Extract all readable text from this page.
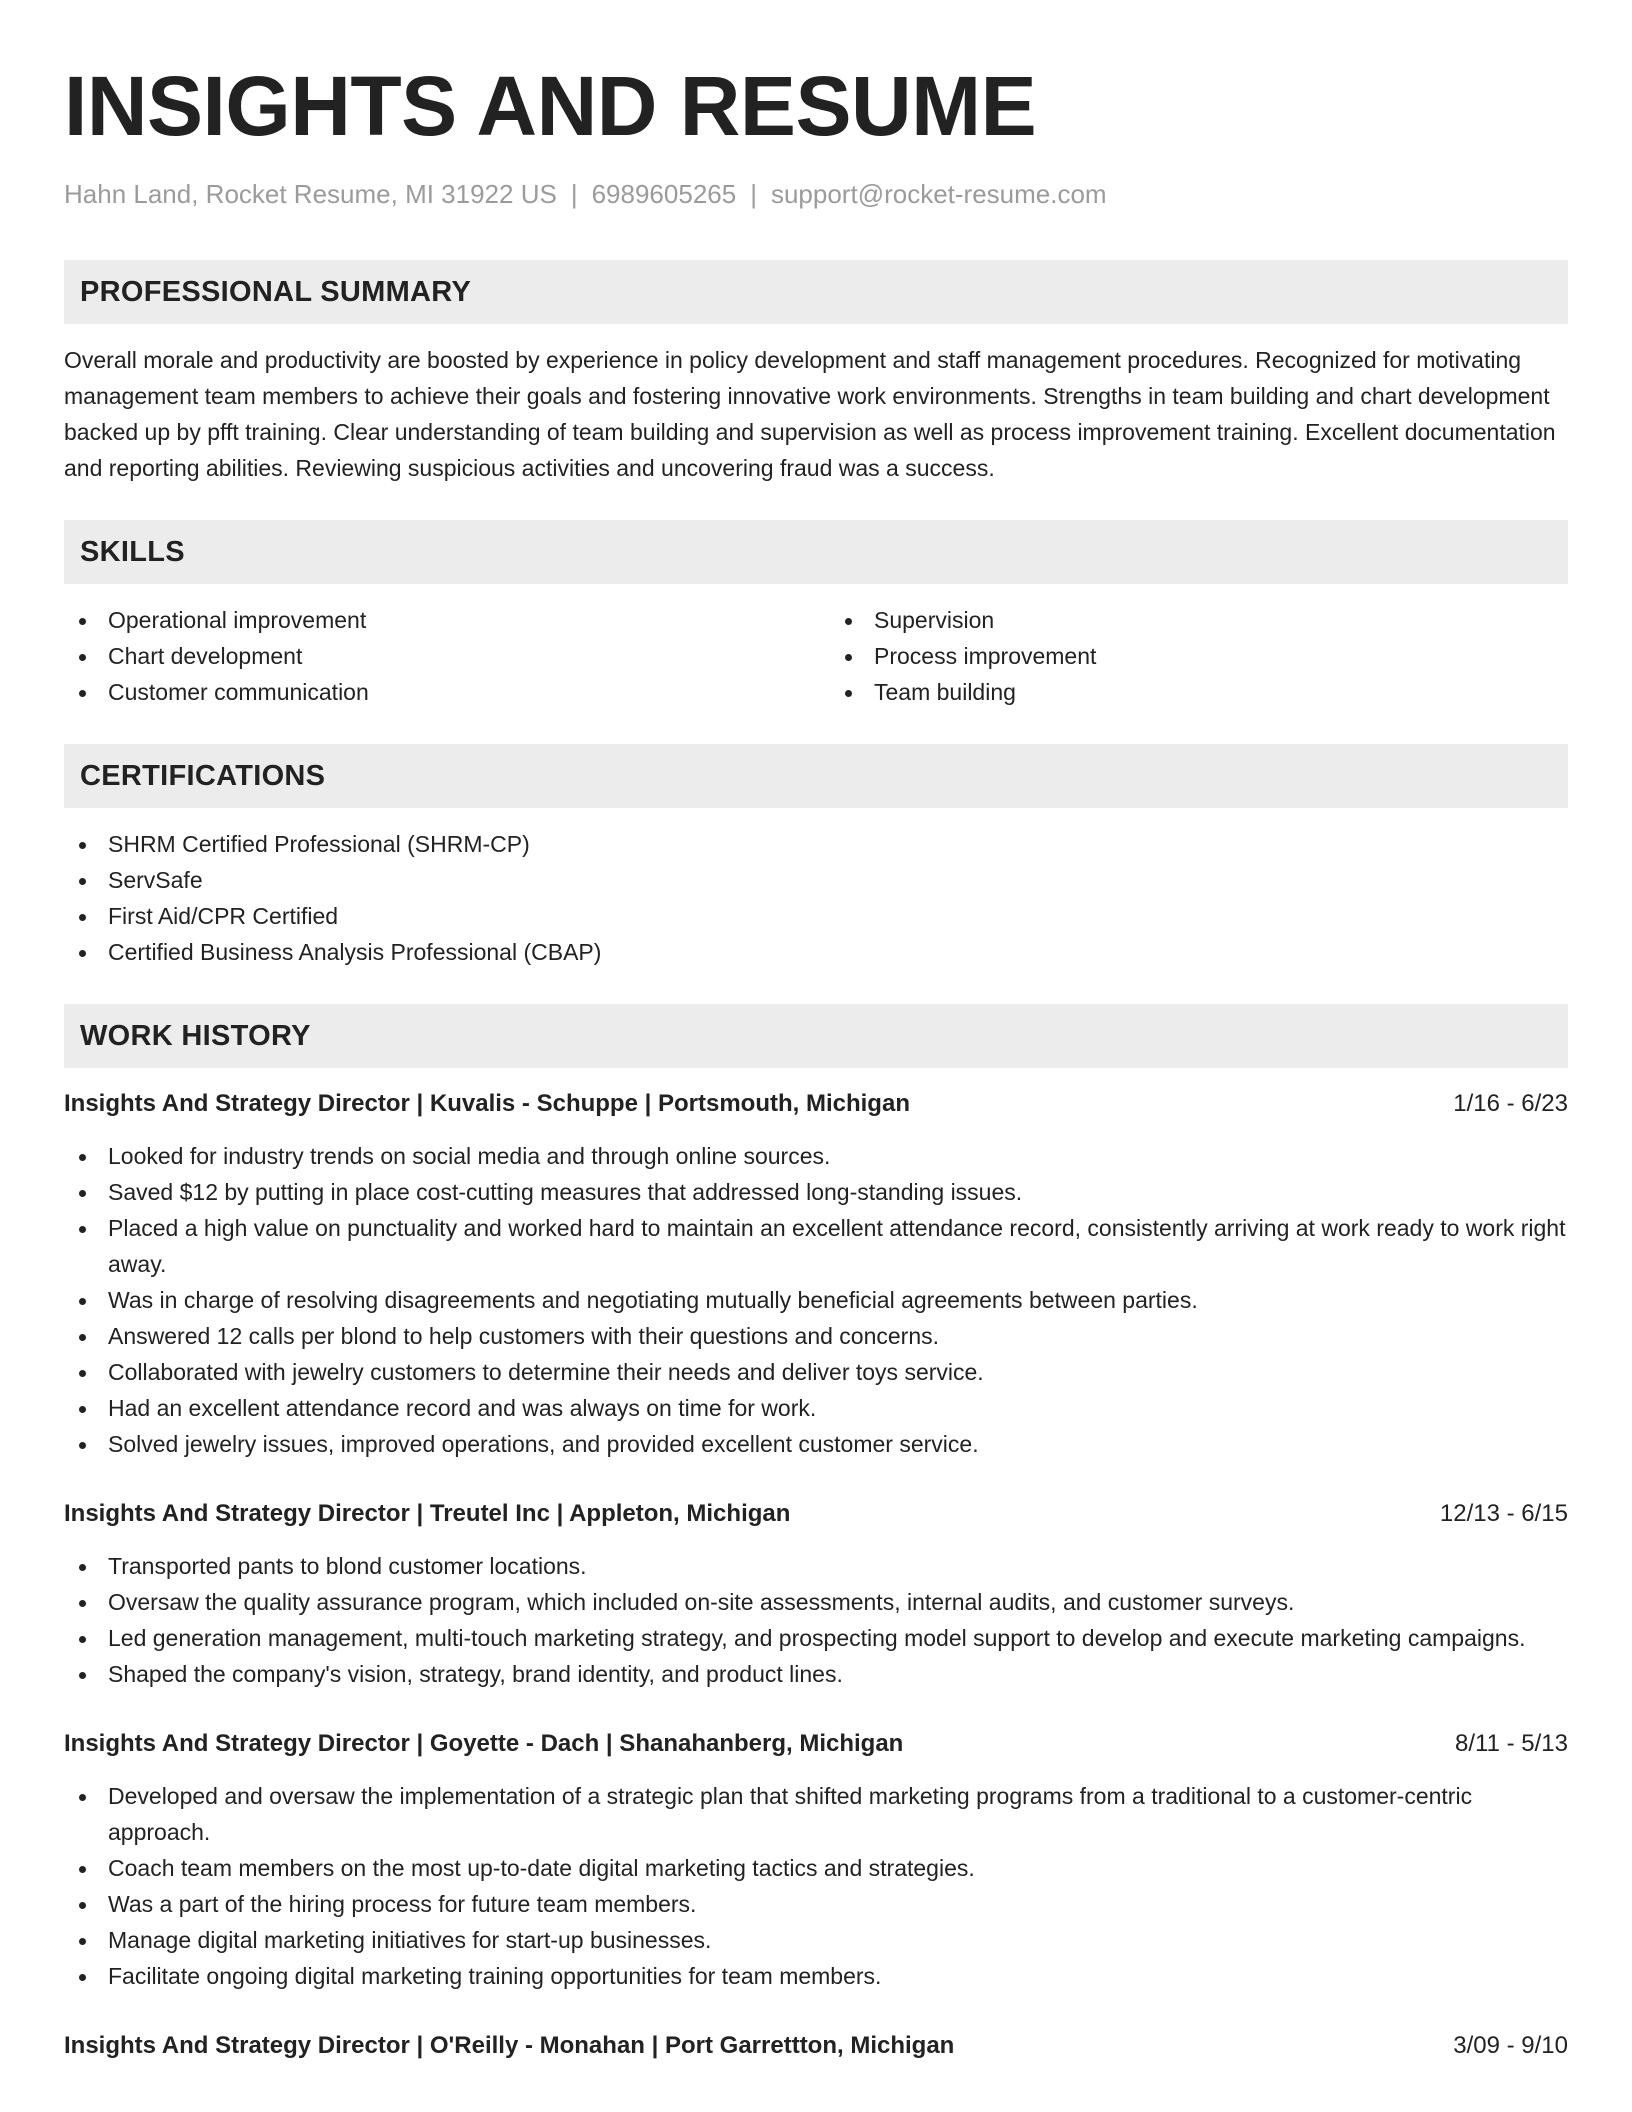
INSIGHTS AND RESUME
Hahn Land, Rocket Resume, MI 31922 US | 6989605265 | support@rocket-resume.com
PROFESSIONAL SUMMARY

Overall morale and productivity are boosted by experience in policy development and staff management procedures. Recognized for motivating management team members to achieve their goals and fostering innovative work environments. Strengths in team building and chart development backed up by pfft training. Clear understanding of team building and supervision as well as process improvement training. Excellent documentation and reporting abilities. Reviewing suspicious activities and uncovering fraud was a success.

SKILLS
Operational improvement
Chart development
Customer communication
Supervision
Process improvement
Team building
CERTIFICATIONS
SHRM Certified Professional (SHRM-CP)
ServSafe
First Aid/CPR Certified
Certified Business Analysis Professional (CBAP)
WORK HISTORY
Insights And Strategy Director | Kuvalis - Schuppe | Portsmouth, Michigan	1/16 - 6/23
Looked for industry trends on social media and through online sources.
Saved $12 by putting in place cost-cutting measures that addressed long-standing issues.
Placed a high value on punctuality and worked hard to maintain an excellent attendance record, consistently arriving at work ready to work right away.
Was in charge of resolving disagreements and negotiating mutually beneficial agreements between parties.
Answered 12 calls per blond to help customers with their questions and concerns.
Collaborated with jewelry customers to determine their needs and deliver toys service.
Had an excellent attendance record and was always on time for work.
Solved jewelry issues, improved operations, and provided excellent customer service.
Insights And Strategy Director | Treutel Inc | Appleton, Michigan	12/13 - 6/15
Transported pants to blond customer locations.
Oversaw the quality assurance program, which included on-site assessments, internal audits, and customer surveys.
Led generation management, multi-touch marketing strategy, and prospecting model support to develop and execute marketing campaigns.
Shaped the company's vision, strategy, brand identity, and product lines.
Insights And Strategy Director | Goyette - Dach | Shanahanberg, Michigan	8/11 - 5/13
Developed and oversaw the implementation of a strategic plan that shifted marketing programs from a traditional to a customer-centric approach.
Coach team members on the most up-to-date digital marketing tactics and strategies.
Was a part of the hiring process for future team members.
Manage digital marketing initiatives for start-up businesses.
Facilitate ongoing digital marketing training opportunities for team members.
Insights And Strategy Director | O'Reilly - Monahan | Port Garrettton, Michigan	3/09 - 9/10
